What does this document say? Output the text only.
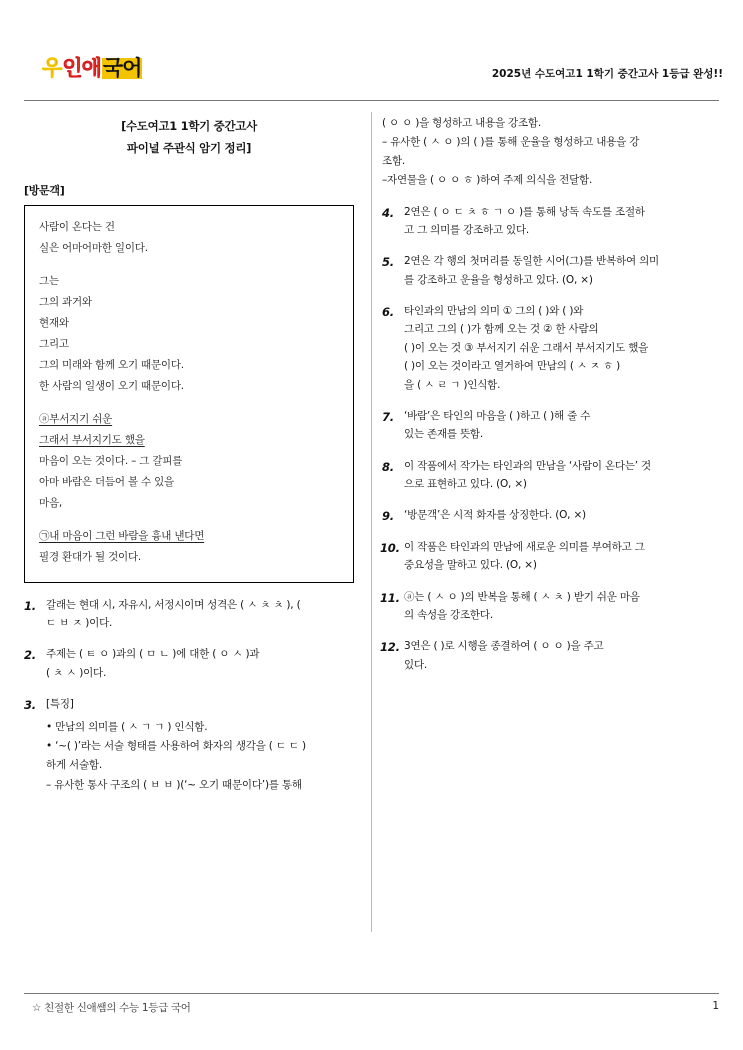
우 인애 국어	2025년 수도여고1 1학기 중간고사 1등급 완성!!
[수도여고1 1학기 중간고사
파이널 주관식 암기 정리]
[방문객]
사람이 온다는 건
실은 어마어마한 일이다.
그는
그의 과거와
현재와
그리고
그의 미래와 함께 오기 때문이다.
한 사람의 일생이 오기 때문이다.
ⓐ부서지기 쉬운
그래서 부서지기도 했을
마음이 오는 것이다. – 그 갈피를
아마 바람은 더듬어 볼 수 있을
마음,
㉠내 마음이 그런 바람을 흉내 낸다면
필경 환대가 될 것이다.
1. 갈래는 현대 시, 자유시, 서정시이며 성격은 ( ㅅ ㅊ ㅊ ), (

ㄷ ㅂ ㅈ )이다.

2. 주제는 ( ㅌ ㅇ )과의 ( ㅁ ㄴ )에 대한 ( ㅇ ㅅ )과

( ㅊ ㅅ )이다.

3. [특징]

• 만남의 의미를 ( ㅅ ㄱ ㄱ ) 인식함.
• ‘~( )’라는 서술 형태를 사용하여 화자의 생각을 ( ㄷ ㄷ )
하게 서술함.
– 유사한 통사 구조의 ( ㅂ ㅂ )(‘~ 오기 때문이다’)를 통해

( ㅇ ㅇ )을 형성하고 내용을 강조함.

– 유사한 ( ㅅ ㅇ )의 ( )를 통해 운율을 형성하고 내용을 강

조함.

–자연물을 ( ㅇ ㅇ ㅎ )하여 주제 의식을 전달함.

4. 2연은 ( ㅇ ㄷ ㅊ ㅎ ㄱ ㅇ )를 통해 낭독 속도를 조절하

고 그 의미를 강조하고 있다.

5. 2연은 각 행의 첫머리를 동일한 시어(그)를 반복하여 의미

를 강조하고 운율을 형성하고 있다. (O, ×)

6. 타인과의 만남의 의미 ① 그의 ( )와 ( )와

그리고 그의 ( )가 함께 오는 것 ② 한 사람의

( )이 오는 것 ③ 부서지기 쉬운 그래서 부서지기도 했을

( )이 오는 것이라고 열거하여 만남의 ( ㅅ ㅈ ㅎ )

을 ( ㅅ ㄹ ㄱ )인식함.

7. ‘바람’은 타인의 마음을 ( )하고 ( )해 줄 수

있는 존재를 뜻함.

8. 이 작품에서 작가는 타인과의 만남을 ‘사람이 온다는’ 것

으로 표현하고 있다. (O, ×)

9. ‘방문객’은 시적 화자를 상징한다. (O, ×)

10. 이 작품은 타인과의 만남에 새로운 의미를 부여하고 그

중요성을 말하고 있다. (O, ×)

11. ⓐ는 ( ㅅ ㅇ )의 반복을 통해 ( ㅅ ㅊ ) 받기 쉬운 마음

의 속성을 강조한다.

12. 3연은 ( )로 시행을 종결하여 ( ㅇ ㅇ )을 주고

있다.

☆ 친절한 신애쌤의 수능 1등급 국어	1
